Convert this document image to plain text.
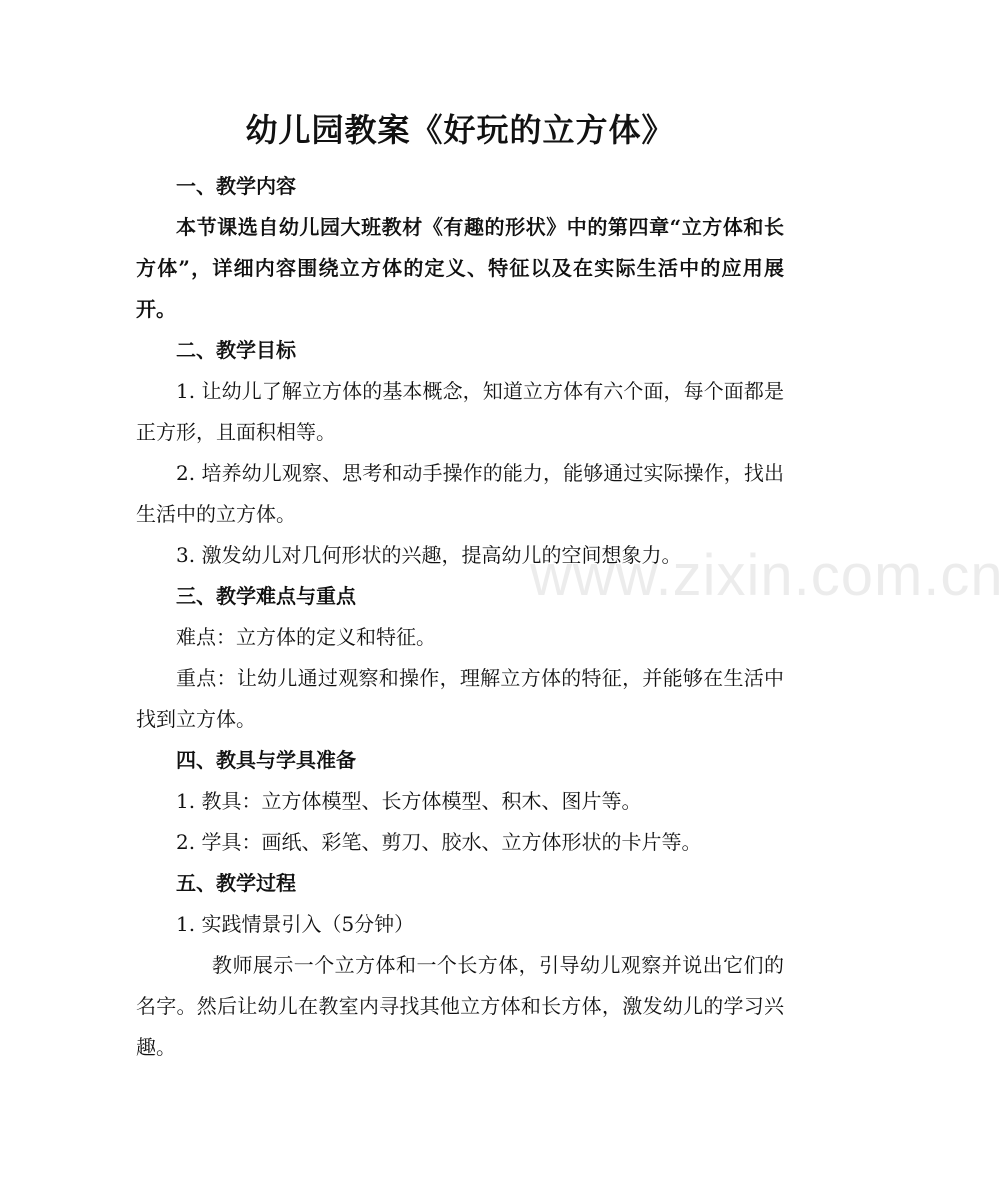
www.zixin.com.cn
幼儿园教案《好玩的立方体》

一、教学内容

本节课选自幼儿园大班教材《有趣的形状》中的第四章“立方体和长方体”，详细内容围绕立方体的定义、特征以及在实际生活中的应用展开。

二、教学目标

1. 让幼儿了解立方体的基本概念，知道立方体有六个面，每个面都是正方形，且面积相等。

2. 培养幼儿观察、思考和动手操作的能力，能够通过实际操作，找出生活中的立方体。

3. 激发幼儿对几何形状的兴趣，提高幼儿的空间想象力。

三、教学难点与重点

难点：立方体的定义和特征。

重点：让幼儿通过观察和操作，理解立方体的特征，并能够在生活中找到立方体。

四、教具与学具准备

1. 教具：立方体模型、长方体模型、积木、图片等。

2. 学具：画纸、彩笔、剪刀、胶水、立方体形状的卡片等。

五、教学过程

1. 实践情景引入（5分钟）

教师展示一个立方体和一个长方体，引导幼儿观察并说出它们的名字。然后让幼儿在教室内寻找其他立方体和长方体，激发幼儿的学习兴趣。
